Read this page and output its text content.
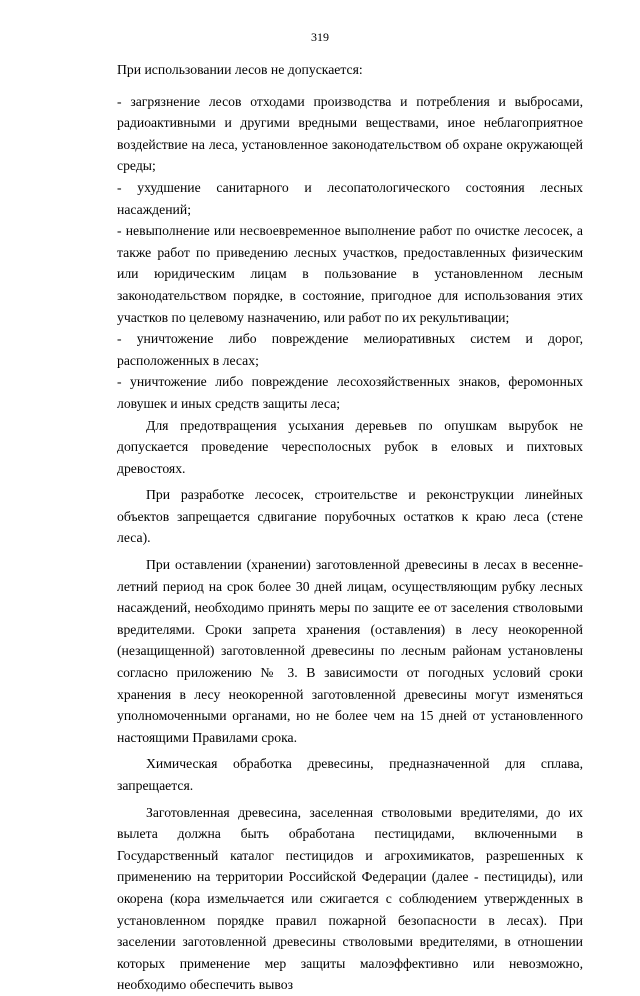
319

При использовании лесов не допускается:

- загрязнение лесов отходами производства и потребления и выбросами, радиоактивными и другими вредными веществами, иное неблагоприятное воздействие на леса, установленное законодательством об охране окружающей среды;

- ухудшение санитарного и лесопатологического состояния лесных насаждений;

- невыполнение или несвоевременное выполнение работ по очистке лесосек, а также работ по приведению лесных участков, предоставленных физическим или юридическим лицам в пользование в установленном лесным законодательством порядке, в состояние, пригодное для использования этих участков по целевому назначению, или работ по их рекультивации;

- уничтожение либо повреждение мелиоративных систем и дорог, расположенных в лесах;

- уничтожение либо повреждение лесохозяйственных знаков, феромонных ловушек и иных средств защиты леса;

Для предотвращения усыхания деревьев по опушкам вырубок не допускается проведение чересполосных рубок в еловых и пихтовых древостоях.

При разработке лесосек, строительстве и реконструкции линейных объектов запрещается сдвигание порубочных остатков к краю леса (стене леса).

При оставлении (хранении) заготовленной древесины в лесах в весенне-летний период на срок более 30 дней лицам, осуществляющим рубку лесных насаждений, необходимо принять меры по защите ее от заселения стволовыми вредителями. Сроки запрета хранения (оставления) в лесу неокоренной (незащищенной) заготовленной древесины по лесным районам установлены согласно приложению № 3. В зависимости от погодных условий сроки хранения в лесу неокоренной заготовленной древесины могут изменяться уполномоченными органами, но не более чем на 15 дней от установленного настоящими Правилами срока.

Химическая обработка древесины, предназначенной для сплава, запрещается.

Заготовленная древесина, заселенная стволовыми вредителями, до их вылета должна быть обработана пестицидами, включенными в Государственный каталог пестицидов и агрохимикатов, разрешенных к применению на территории Российской Федерации (далее - пестициды), или окорена (кора измельчается или сжигается с соблюдением утвержденных в установленном порядке правил пожарной безопасности в лесах). При заселении заготовленной древесины стволовыми вредителями, в отношении которых применение мер защиты малоэффективно или невозможно, необходимо обеспечить вывоз
